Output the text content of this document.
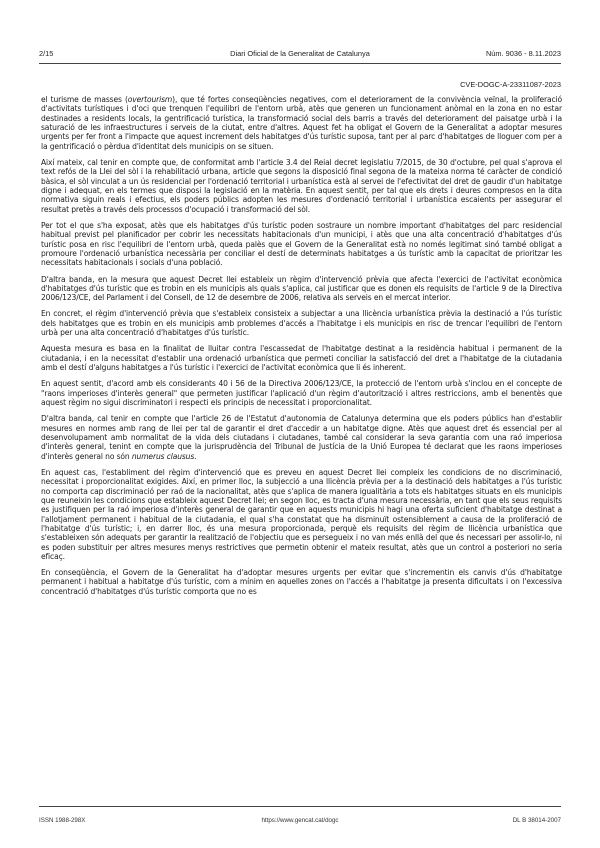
2/15	Diari Oficial de la Generalitat de Catalunya	Núm. 9036 - 8.11.2023
CVE-DOGC-A-23311087-2023

el turisme de masses (overtourism), que té fortes conseqüències negatives, com el deteriorament de la convivència veïnal, la proliferació d'activitats turístiques i d'oci que trenquen l'equilibri de l'entorn urbà, atès que generen un funcionament anòmal en la zona en no estar destinades a residents locals, la gentrificació turística, la transformació social dels barris a través del deteriorament del paisatge urbà i la saturació de les infraestructures i serveis de la ciutat, entre d'altres. Aquest fet ha obligat el Govern de la Generalitat a adoptar mesures urgents per fer front a l'impacte que aquest increment dels habitatges d'ús turístic suposa, tant per al parc d'habitatges de lloguer com per a la gentrificació o pèrdua d'identitat dels municipis on se situen.

Així mateix, cal tenir en compte que, de conformitat amb l'article 3.4 del Reial decret legislatiu 7/2015, de 30 d'octubre, pel qual s'aprova el text refós de la Llei del sòl i la rehabilitació urbana, article que segons la disposició final segona de la mateixa norma té caràcter de condició bàsica, el sòl vinculat a un ús residencial per l'ordenació territorial i urbanística està al servei de l'efectivitat del dret de gaudir d'un habitatge digne i adequat, en els termes que disposi la legislació en la matèria. En aquest sentit, per tal que els drets i deures compresos en la dita normativa siguin reals i efectius, els poders públics adopten les mesures d'ordenació territorial i urbanística escaients per assegurar el resultat pretès a través dels processos d'ocupació i transformació del sòl.

Per tot el que s'ha exposat, atès que els habitatges d'ús turístic poden sostraure un nombre important d'habitatges del parc residencial habitual previst pel planificador per cobrir les necessitats habitacionals d'un municipi, i atès que una alta concentració d'habitatges d'ús turístic posa en risc l'equilibri de l'entorn urbà, queda palès que el Govern de la Generalitat està no només legitimat sinó també obligat a promoure l'ordenació urbanística necessària per conciliar el destí de determinats habitatges a ús turístic amb la capacitat de prioritzar les necessitats habitacionals i socials d'una població.

D'altra banda, en la mesura que aquest Decret llei estableix un règim d'intervenció prèvia que afecta l'exercici de l'activitat econòmica d'habitatges d'ús turístic que es trobin en els municipis als quals s'aplica, cal justificar que es donen els requisits de l'article 9 de la Directiva 2006/123/CE, del Parlament i del Consell, de 12 de desembre de 2006, relativa als serveis en el mercat interior.

En concret, el règim d'intervenció prèvia que s'estableix consisteix a subjectar a una llicència urbanística prèvia la destinació a l'ús turístic dels habitatges que es trobin en els municipis amb problemes d'accés a l'habitatge i els municipis en risc de trencar l'equilibri de l'entorn urbà per una alta concentració d'habitatges d'ús turístic.

Aquesta mesura es basa en la finalitat de lluitar contra l'escassedat de l'habitatge destinat a la residència habitual i permanent de la ciutadania, i en la necessitat d'establir una ordenació urbanística que permeti conciliar la satisfacció del dret a l'habitatge de la ciutadania amb el destí d'alguns habitatges a l'ús turístic i l'exercici de l'activitat econòmica que li és inherent.

En aquest sentit, d'acord amb els considerants 40 i 56 de la Directiva 2006/123/CE, la protecció de l'entorn urbà s'inclou en el concepte de "raons imperioses d'interès general" que permeten justificar l'aplicació d'un règim d'autorització i altres restriccions, amb el benentès que aquest règim no sigui discriminatori i respecti els principis de necessitat i proporcionalitat.

D'altra banda, cal tenir en compte que l'article 26 de l'Estatut d'autonomia de Catalunya determina que els poders públics han d'establir mesures en normes amb rang de llei per tal de garantir el dret d'accedir a un habitatge digne. Atès que aquest dret és essencial per al desenvolupament amb normalitat de la vida dels ciutadans i ciutadanes, també cal considerar la seva garantia com una raó imperiosa d'interès general, tenint en compte que la jurisprudència del Tribunal de Justícia de la Unió Europea té declarat que les raons imperioses d'interès general no són numerus clausus.

En aquest cas, l'establiment del règim d'intervenció que es preveu en aquest Decret llei compleix les condicions de no discriminació, necessitat i proporcionalitat exigides. Així, en primer lloc, la subjecció a una llicència prèvia per a la destinació dels habitatges a l'ús turístic no comporta cap discriminació per raó de la nacionalitat, atès que s'aplica de manera igualitària a tots els habitatges situats en els municipis que reuneixin les condicions que estableix aquest Decret llei; en segon lloc, es tracta d'una mesura necessària, en tant que els seus requisits es justifiquen per la raó imperiosa d'interès general de garantir que en aquests municipis hi hagi una oferta suficient d'habitatge destinat a l'allotjament permanent i habitual de la ciutadania, el qual s'ha constatat que ha disminuït ostensiblement a causa de la proliferació de l'habitatge d'ús turístic; i, en darrer lloc, és una mesura proporcionada, perquè els requisits del règim de llicència urbanística que s'estableixen són adequats per garantir la realització de l'objectiu que es persegueix i no van més enllà del que és necessari per assolir-lo, ni es poden substituir per altres mesures menys restrictives que permetin obtenir el mateix resultat, atès que un control a posteriori no seria eficaç.

En conseqüència, el Govern de la Generalitat ha d'adoptar mesures urgents per evitar que s'incrementin els canvis d'ús d'habitatge permanent i habitual a habitatge d'ús turístic, com a mínim en aquelles zones on l'accés a l'habitatge ja presenta dificultats i on l'excessiva concentració d'habitatges d'ús turístic comporta que no es

ISSN 1988-298X	https://www.gencat.cat/dogc	DL B 38014-2007
